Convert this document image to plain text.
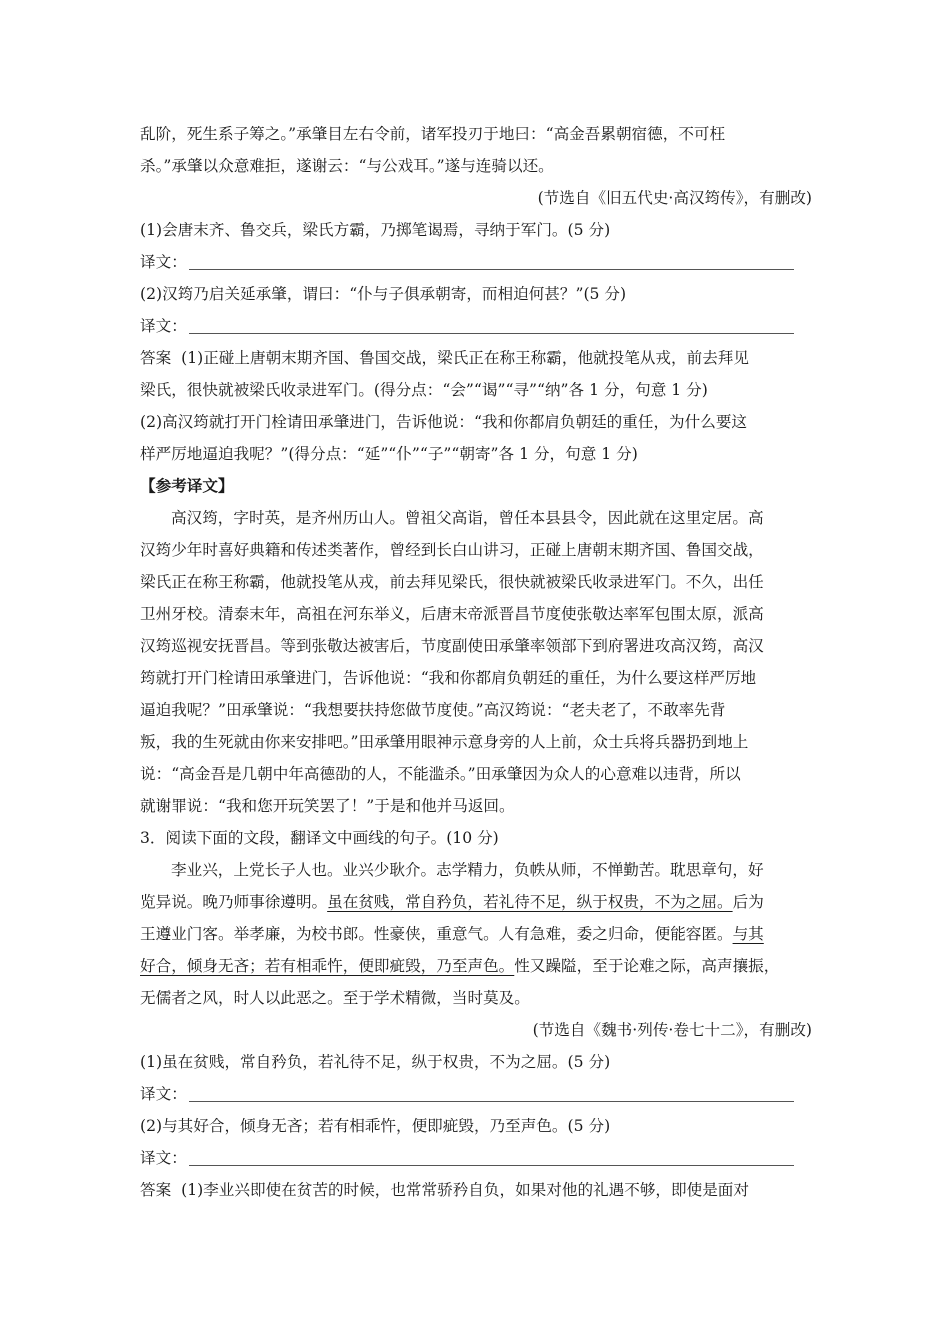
乱阶，死生系子筹之。”承肇目左右令前，诸军投刃于地曰：“高金吾累朝宿德，不可枉

杀。”承肇以众意难拒，遂谢云：“与公戏耳。”遂与连骑以还。

(节选自《旧五代史·高汉筠传》，有删改)

(1)会唐末齐、鲁交兵，梁氏方霸，乃掷笔谒焉，寻纳于军门。(5 分)

译文：

(2)汉筠乃启关延承肇，谓曰：“仆与子俱承朝寄，而相迫何甚？”(5 分)

译文：

答案 (1)正碰上唐朝末期齐国、鲁国交战，梁氏正在称王称霸，他就投笔从戎，前去拜见

梁氏，很快就被梁氏收录进军门。(得分点：“会”“谒”“寻”“纳”各 1 分，句意 1 分)

(2)高汉筠就打开门栓请田承肇进门，告诉他说：“我和你都肩负朝廷的重任，为什么要这

样严厉地逼迫我呢？”(得分点：“延”“仆”“子”“朝寄”各 1 分，句意 1 分)

【参考译文】

高汉筠，字时英，是齐州历山人。曾祖父高诣，曾任本县县令，因此就在这里定居。高

汉筠少年时喜好典籍和传述类著作，曾经到长白山讲习，正碰上唐朝末期齐国、鲁国交战，

梁氏正在称王称霸，他就投笔从戎，前去拜见梁氏，很快就被梁氏收录进军门。不久，出任

卫州牙校。清泰末年，高祖在河东举义，后唐末帝派晋昌节度使张敬达率军包围太原，派高

汉筠巡视安抚晋昌。等到张敬达被害后，节度副使田承肇率领部下到府署进攻高汉筠，高汉

筠就打开门栓请田承肇进门，告诉他说：“我和你都肩负朝廷的重任，为什么要这样严厉地

逼迫我呢？”田承肇说：“我想要扶持您做节度使。”高汉筠说：“老夫老了，不敢率先背

叛，我的生死就由你来安排吧。”田承肇用眼神示意身旁的人上前，众士兵将兵器扔到地上

说：“高金吾是几朝中年高德劭的人，不能滥杀。”田承肇因为众人的心意难以违背，所以

就谢罪说：“我和您开玩笑罢了！”于是和他并马返回。

3．阅读下面的文段，翻译文中画线的句子。(10 分)

李业兴，上党长子人也。业兴少耿介。志学精力，负帙从师，不惮勤苦。耽思章句，好

览异说。晚乃师事徐遵明。虽在贫贱，常自矜负，若礼待不足，纵于权贵，不为之屈。后为

王遵业门客。举孝廉，为校书郎。性豪侠，重意气。人有急难，委之归命，便能容匿。与其

好合，倾身无吝；若有相乖忤，便即疵毁，乃至声色。性又躁隘，至于论难之际，高声攘振，

无儒者之风，时人以此恶之。至于学术精微，当时莫及。

(节选自《魏书·列传·卷七十二》，有删改)

(1)虽在贫贱，常自矜负，若礼待不足，纵于权贵，不为之屈。(5 分)

译文：

(2)与其好合，倾身无吝；若有相乖忤，便即疵毁，乃至声色。(5 分)

译文：

答案 (1)李业兴即使在贫苦的时候，也常常骄矜自负，如果对他的礼遇不够，即使是面对
